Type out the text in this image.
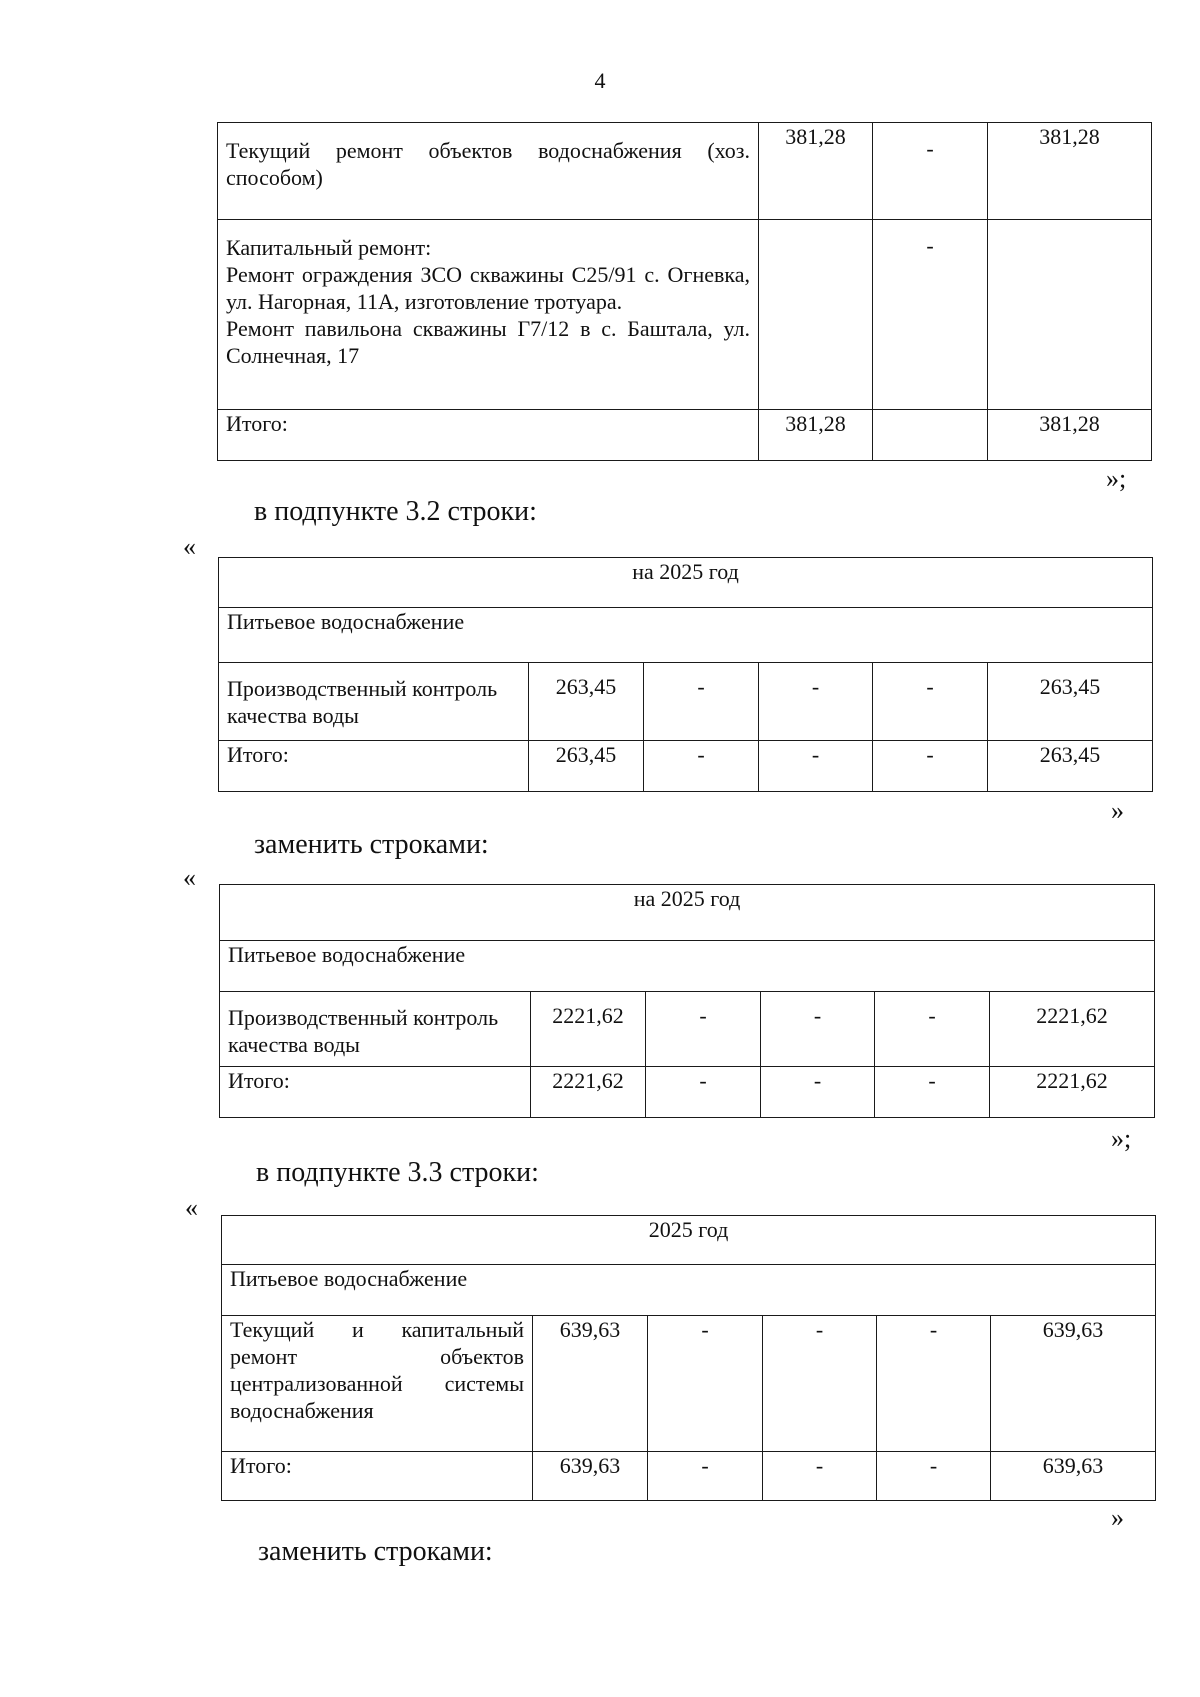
4
Текущий ремонт объектов водоснабжения (хоз. способом)	381,28	-	381,28

Капитальный ремонт:
Ремонт ограждения ЗСО скважины С25/91 с. Огневка, ул. Нагорная, 11А, изготовление тротуара.
Ремонт павильона скважины Г7/12 в с. Баштала, ул. Солнечная, 17		-	
Итого:	381,28		381,28
»;
в подпункте 3.2 строки:
«
на 2025 год					
Питьевое водоснабжение					
Производственный контроль качества воды	263,45	-	-	-	263,45
Итого:	263,45	-	-	-	263,45
»
заменить строками:
«
на 2025 год					
Питьевое водоснабжение					
Производственный контроль качества воды	2221,62	-	-	-	2221,62
Итого:	2221,62	-	-	-	2221,62
»;
в подпункте 3.3 строки:
«
2025 год					
Питьевое водоснабжение					
Текущий и капитальный ремонт объектов централизованной системы водоснабжения	639,63	-	-	-	639,63
Итого:	639,63	-	-	-	639,63
»
заменить строками:
